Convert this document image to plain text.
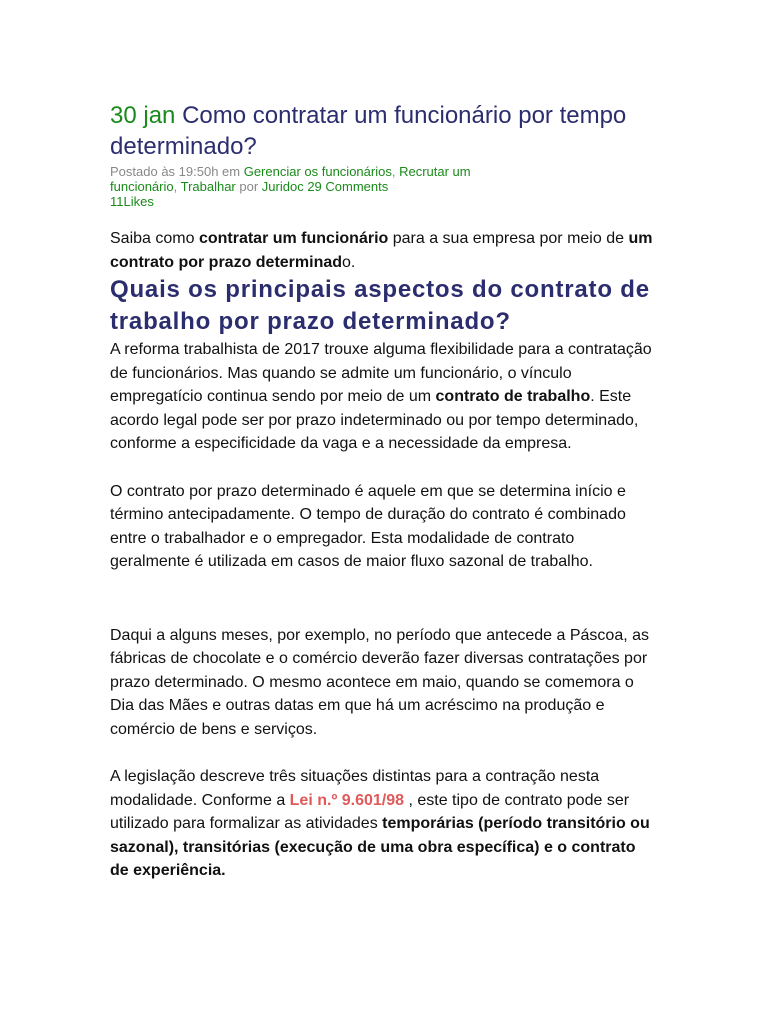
30 jan Como contratar um funcionário por tempo determinado?
Postado às 19:50h em Gerenciar os funcionários, Recrutar um funcionário, Trabalhar por Juridoc 29 Comments
11Likes

Saiba como contratar um funcionário para a sua empresa por meio de um contrato por prazo determinado.

Quais os principais aspectos do contrato de trabalho por prazo determinado?

A reforma trabalhista de 2017 trouxe alguma flexibilidade para a contratação de funcionários. Mas quando se admite um funcionário, o vínculo empregatício continua sendo por meio de um contrato de trabalho. Este acordo legal pode ser por prazo indeterminado ou por tempo determinado, conforme a especificidade da vaga e a necessidade da empresa.

O contrato por prazo determinado é aquele em que se determina início e término antecipadamente. O tempo de duração do contrato é combinado entre o trabalhador e o empregador. Esta modalidade de contrato geralmente é utilizada em casos de maior fluxo sazonal de trabalho.

Daqui a alguns meses, por exemplo, no período que antecede a Páscoa, as fábricas de chocolate e o comércio deverão fazer diversas contratações por prazo determinado. O mesmo acontece em maio, quando se comemora o Dia das Mães e outras datas em que há um acréscimo na produção e comércio de bens e serviços.

A legislação descreve três situações distintas para a contração nesta modalidade. Conforme a Lei n.º 9.601/98 , este tipo de contrato pode ser utilizado para formalizar as atividades temporárias (período transitório ou sazonal), transitórias (execução de uma obra específica) e o contrato de experiência.
